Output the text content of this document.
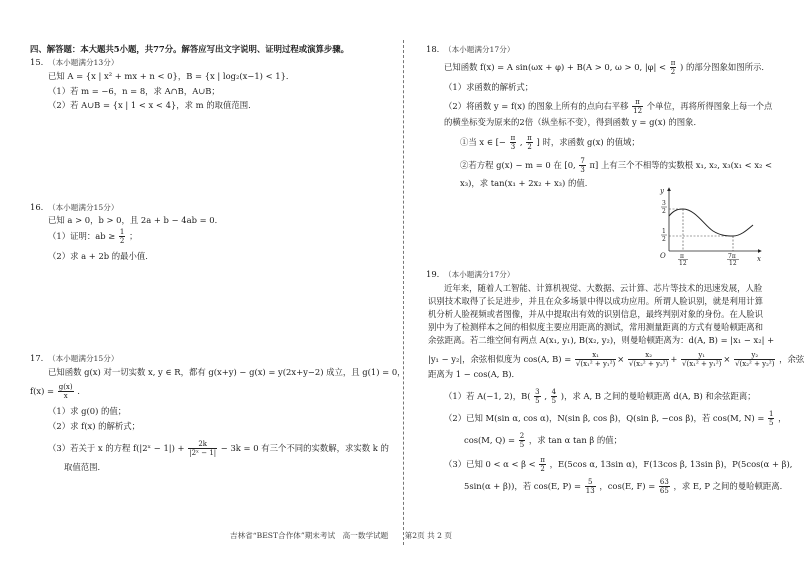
四、解答题：本大题共5小题，共77分。解答应写出文字说明、证明过程或演算步骤。
15. （本小题满分13分）
已知 A = {x | x² + mx + n < 0}，B = {x | log₂(x−1) < 1}．
（1）若 m = −6，n = 8，求 A∩B，A∪B；
（2）若 A∪B = {x | 1 < x < 4}，求 m 的取值范围．
16. （本小题满分15分）
已知 a > 0，b > 0，且 2a + b − 4ab = 0．
（1）证明：ab ≥ $\frac{1}{2}$ ；
（2）求 a + 2b 的最小值．
17. （本小题满分15分）
已知函数 g(x) 对一切实数 x, y ∈ R，都有 g(x+y) − g(x) = y(2x+y−2) 成立，且 g(1) = 0，
$f(x) = \frac{g(x)}{x}$ .
（1）求 g(0) 的值；
（2）求 f(x) 的解析式；
（3）若关于 x 的方程 f(|2ˣ − $1|) + \frac{2k}{\text{|2ˣ − 1|}} - 3k = 0$ 有三个不同的实数解，求实数 k 的
取值范围．
18. （本小题满分17分）
已知函数 f(x) = A sin(ωx + φ) + B(A > 0, ω > 0, $|\varphi| < \frac{\pi}{2}$ ) 的部分图象如图所示．
（1）求函数的解析式；
（2）将函数 y = f(x) 的图象上所有的点向右平移 $\frac{\pi}{12}$ 个单位，再将所得图象上每一个点
的横坐标变为原来的2倍（纵坐标不变），得到函数 y = g(x) 的图象．
①当 x ∈ [− $\frac{\pi}{3}$ , $\frac{\pi}{2}$ ] 时，求函数 g(x) 的值域；
②若方程 g(x) − m = 0 在 [0, $\frac{7}{3} \pi$] 上有三个不相等的实数根 x₁, x₂, x₃(x₁ < x₂ <
x₃)，求 tan(x₁ + 2x₂ + x₃) 的值．
y
x
O
3
2
1
2
π
12
7π
12
19. （本小题满分17分）
近年来，随着人工智能、计算机视觉、大数据、云计算、芯片等技术的迅速发展，人脸
识别技术取得了长足进步，并且在众多场景中得以成功应用。所谓人脸识别，就是利用计算
机分析人脸视频或者图像，并从中提取出有效的识别信息，最终判别对象的身份。在人脸识
别中为了检测样本之间的相似度主要应用距离的测试，常用测量距离的方式有曼哈顿距离和
余弦距离。若二维空间有两点 A(x₁, y₁), B(x₂, y₂)，则曼哈顿距离为：d(A, B) = |x₁ − x₂| +
|y₁ − y₂|，余弦相似度为 cos(A, $B) = \frac{\text{x₁}}{\text{√(x₁² + y₁²)}} \times \frac{\text{x₂}}{\text{√(x₂² + y₂²)}} + \frac{\text{y₁}}{\text{√(x₁² + y₁²)}} \times \frac{\text{y₂}}{\text{√(x₂² + y₂²)}}$ ，余弦
距离为 1 − cos(A, B)．
（1）若 A(−1, 2)，$B( \frac{3}{5}$ , $\frac{4}{5}$ )，求 A, B 之间的曼哈顿距离 d(A, B) 和余弦距离；
（2）已知 M(sin α, cos α)，N(sin β, cos β)，Q(sin β, −cos β)，若 cos(M, $N) = \frac{1}{5}$ ，
cos(M, $Q) = \frac{2}{5}$ ，求 tan α tan β 的值；
（3）已知 $0 < \alpha < \beta < \frac{\pi}{2}$ ，E(5cos α, 13sin α)，F(13cos β, 13sin β)，P(5cos(α + β),
5sin(α + β))，若 cos(E, $P) = \frac{5}{13}$ ，cos(E, $F) = \frac{63}{65}$ ，求 E, P 之间的曼哈顿距离．
吉林省“BEST合作体”期末考试　高一数学试题 第2页 共 2 页
